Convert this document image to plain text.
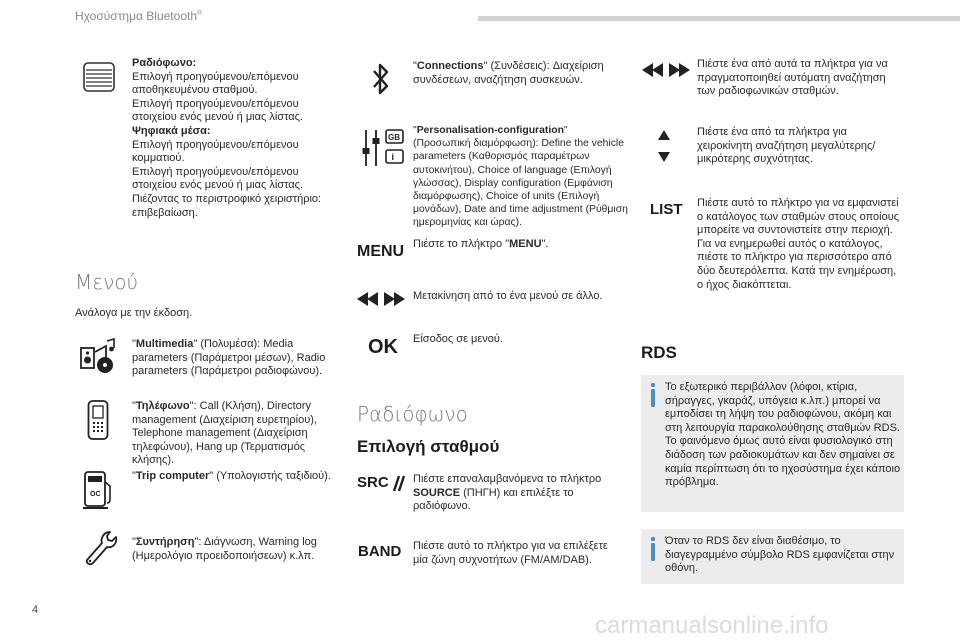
Ηχοσύστημα Bluetooth®
Ραδιόφωνο:
Επιλογή προηγούμενου/επόμενου
αποθηκευμένου σταθμού.
Επιλογή προηγούμενου/επόμενου
στοιχείου ενός μενού ή μιας λίστας.
Ψηφιακά μέσα:
Επιλογή προηγούμενου/επόμενου
κομματιού.
Επιλογή προηγούμενου/επόμενου
στοιχείου ενός μενού ή μιας λίστας.
Πιέζοντας το περιστροφικό χειριστήριο:
επιβεβαίωση.
Μενού
Ανάλογα με την έκδοση.
"Multimedia" (Πολυμέσα): Media
parameters (Παράμετροι μέσων), Radio
parameters (Παράμετροι ραδιοφώνου).
"Τηλέφωνο": Call (Κλήση), Directory
management (Διαχείριση ευρετηρίου),
Telephone management (Διαχείριση
τηλεφώνου), Hang up (Τερματισμός
κλήσης).
OC
"Trip computer" (Υπολογιστής ταξιδιού).
"Συντήρηση": Διάγνωση, Warning log
(Ημερολόγιο προειδοποιήσεων) κ.λπ.
"Connections" (Συνδέσεις): Διαχείριση
συνδέσεων, αναζήτηση συσκευών.
GB
i
"Personalisation-configuration"
(Προσωπική διαμόρφωση): Define the vehicle
parameters (Καθορισμός παραμέτρων
αυτοκινήτου), Choice of language (Επιλογή
γλώσσας), Display configuration (Εμφάνιση
διαμόρφωσης), Choice of units (Επιλογή
μονάδων), Date and time adjustment (Ρύθμιση
ημερομηνίας και ώρας).
MENU Πιέστε το πλήκτρο "MENU".
Μετακίνηση από το ένα μενού σε άλλο.
OK Είσοδος σε μενού.
Ραδιόφωνο
Επιλογή σταθμού
SRC Πιέστε επαναλαμβανόμενα το πλήκτρο
SOURCE (ΠΗΓΗ) και επιλέξτε το
ραδιόφωνο.
BAND Πιέστε αυτό το πλήκτρο για να επιλέξετε
μία ζώνη συχνοτήτων (FM/AM/DAB).
Πιέστε ένα από αυτά τα πλήκτρα για να
πραγματοποιηθεί αυτόματη αναζήτηση
των ραδιοφωνικών σταθμών.
Πιέστε ένα από τα πλήκτρα για
χειροκίνητη αναζήτηση μεγαλύτερης/
μικρότερης συχνότητας.
LIST Πιέστε αυτό το πλήκτρο για να εμφανιστεί
ο κατάλογος των σταθμών στους οποίους
μπορείτε να συντονιστείτε στην περιοχή.
Για να ενημερωθεί αυτός ο κατάλογος,
πιέστε το πλήκτρο για περισσότερο από
δύο δευτερόλεπτα. Κατά την ενημέρωση,
ο ήχος διακόπτεται.
RDS
Το εξωτερικό περιβάλλον (λόφοι, κτίρια,
σήραγγες, γκαράζ, υπόγεια κ.λπ.) μπορεί να
εμποδίσει τη λήψη του ραδιοφώνου, ακόμη και
στη λειτουργία παρακολούθησης σταθμών RDS.
Το φαινόμενο όμως αυτό είναι φυσιολογικό στη
διάδοση των ραδιοκυμάτων και δεν σημαίνει σε
καμία περίπτωση ότι το ηχοσύστημα έχει κάποιο
πρόβλημα.
Όταν το RDS δεν είναι διαθέσιμο, το
διαγεγραμμένο σύμβολο RDS εμφανίζεται στην
οθόνη.
4
carmanualsonline.info
